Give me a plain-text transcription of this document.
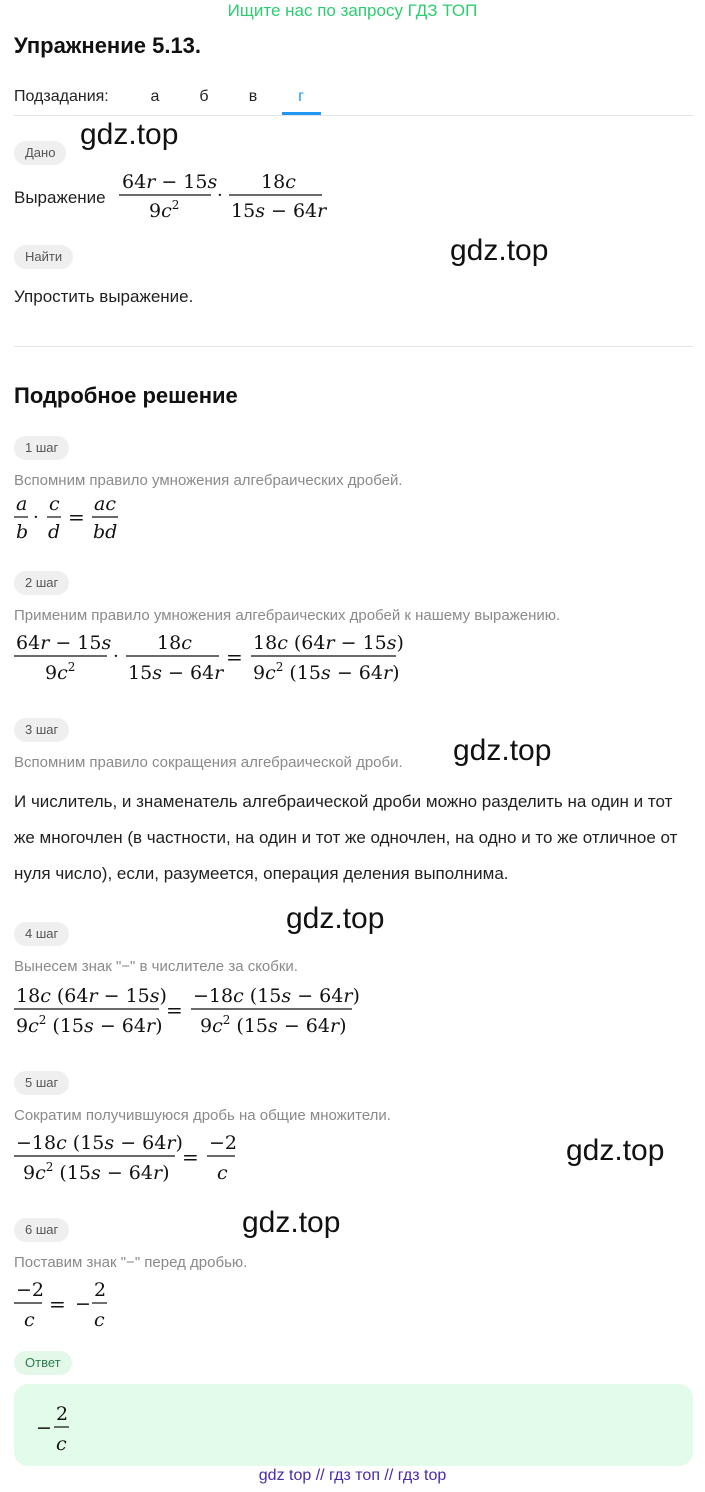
Ищите нас по запросу ГДЗ ТОП
Упражнение 5.13.
Подзадания:	а	б	в	г
gdz.top
gdz.top
gdz.top
gdz.top
gdz.top
gdz.top
Дано
Выражение
64r − 15s
$9c^2$ ·
18c
15s − 64r
Найти
Упростить выражение.
Подробное решение
1 шаг
Вспомним правило умножения алгебраических дробей.
a
b
·
c
d
=
ac
bd
2 шаг
Применим правило умножения алгебраических дробей к нашему выражению.
64r − 15s
$9c^2$ ·
18c
15s − 64r
=
18c (64r − 15s)
$9c^2$ (15s − 64r)
3 шаг
Вспомним правило сокращения алгебраической дроби.
И числитель, и знаменатель алгебраической дроби можно разделить на один и тот же многочлен (в частности, на один и тот же одночлен, на одно и то же отличное от нуля число), если, разумеется, операция деления выполнима.
4 шаг
Вынесем знак "−" в числителе за скобки.
18c (64r − 15s)
$9c^2$ (15s − 64r)
=
−18c (15s − 64r)
$9c^2$ (15s − 64r)
5 шаг
Сократим получившуюся дробь на общие множители.
−18c (15s − 64r)
$9c^2$ (15s − 64r)
=
−2
c
6 шаг
Поставим знак "−" перед дробью.
−2
c
= −
2
c
Ответ
−
2
c
gdz top // гдз топ // гдз top
